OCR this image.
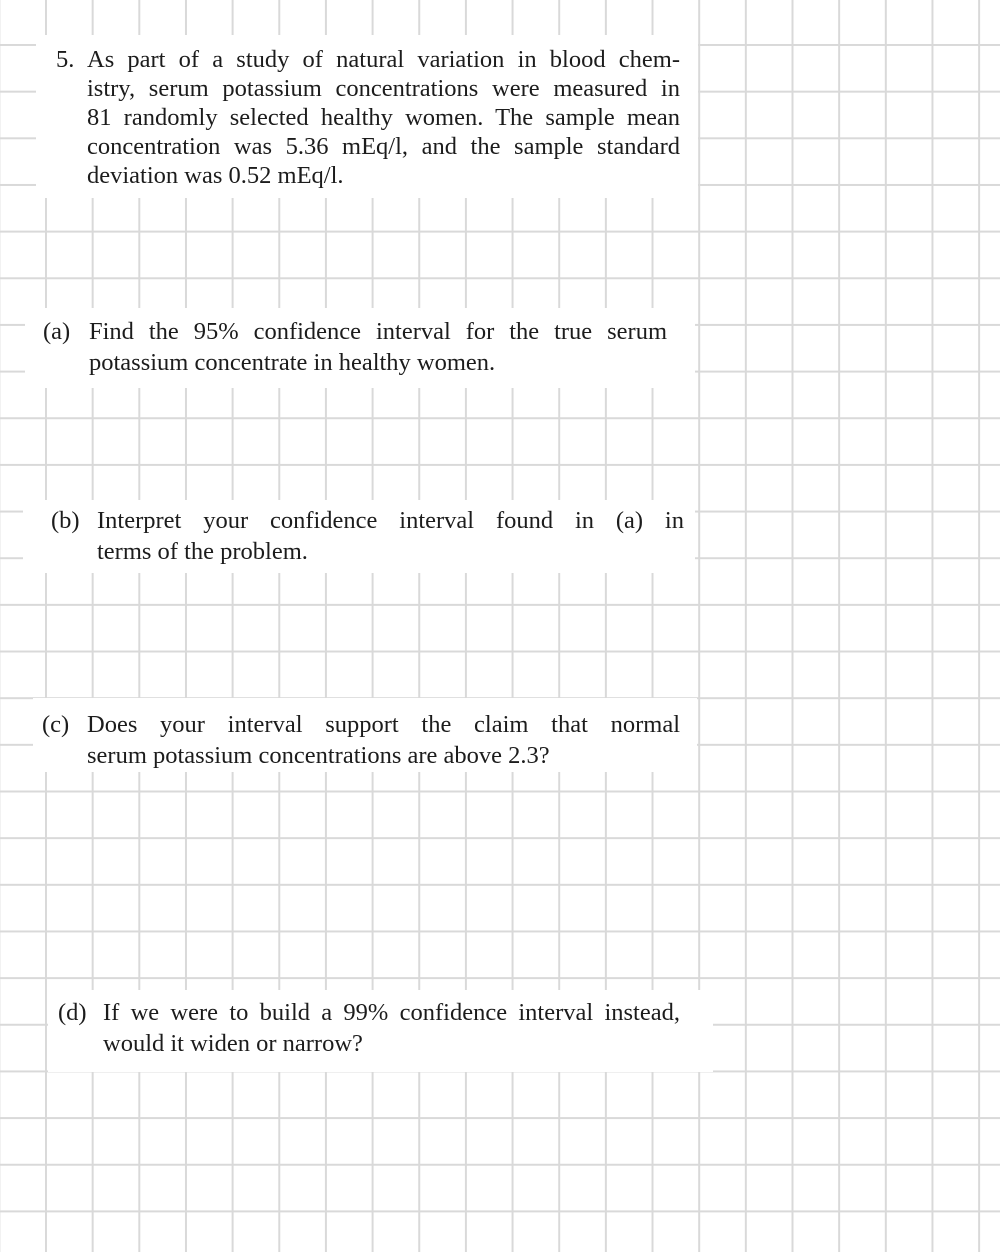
5. As part of a study of natural variation in blood chem-
istry, serum potassium concentrations were measured in
81 randomly selected healthy women. The sample mean
concentration was 5.36 mEq/l, and the sample standard
deviation was 0.52 mEq/l.
(a) Find the 95% confidence interval for the true serum
potassium concentrate in healthy women.
(b) Interpret your confidence interval found in (a) in
terms of the problem.
(c) Does your interval support the claim that normal
serum potassium concentrations are above 2.3?
(d) If we were to build a 99% confidence interval instead,
would it widen or narrow?
